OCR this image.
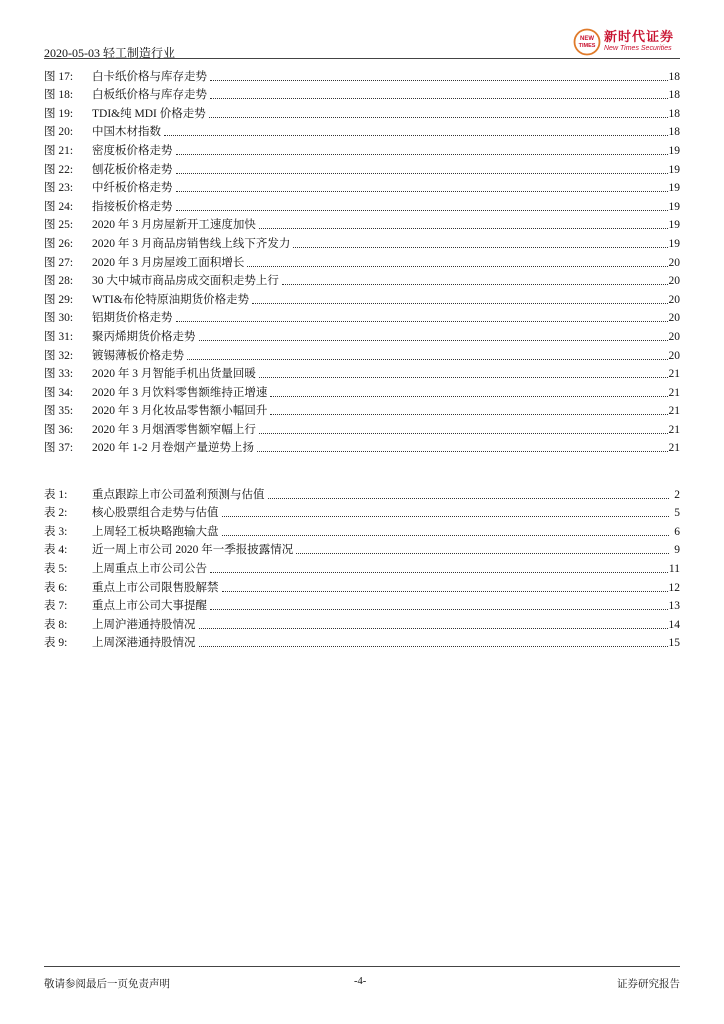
2020-05-03 轻工制造行业
NEW
TIMES
新时代证券
New Times Securities
图 17:	白卡纸价格与库存走势	18
图 18:	白板纸价格与库存走势	18
图 19:	TDI&纯 MDI 价格走势	18
图 20:	中国木材指数	18
图 21:	密度板价格走势	19
图 22:	刨花板价格走势	19
图 23:	中纤板价格走势	19
图 24:	指接板价格走势	19
图 25:	2020 年 3 月房屋新开工速度加快	19
图 26:	2020 年 3 月商品房销售线上线下齐发力	19
图 27:	2020 年 3 月房屋竣工面积增长	20
图 28:	30 大中城市商品房成交面积走势上行	20
图 29:	WTI&布伦特原油期货价格走势	20
图 30:	铝期货价格走势	20
图 31:	聚丙烯期货价格走势	20
图 32:	镀锡薄板价格走势	20
图 33:	2020 年 3 月智能手机出货量回暖	21
图 34:	2020 年 3 月饮料零售额维持正增速	21
图 35:	2020 年 3 月化妆品零售额小幅回升	21
图 36:	2020 年 3 月烟酒零售额窄幅上行	21
图 37:	2020 年 1-2 月卷烟产量逆势上扬	21
表 1:	重点跟踪上市公司盈利预测与估值	2
表 2:	核心股票组合走势与估值	5
表 3:	上周轻工板块略跑输大盘	6
表 4:	近一周上市公司 2020 年一季报披露情况	9
表 5:	上周重点上市公司公告	11
表 6:	重点上市公司限售股解禁	12
表 7:	重点上市公司大事提醒	13
表 8:	上周沪港通持股情况	14
表 9:	上周深港通持股情况	15
敬请参阅最后一页免责声明	-4-	证券研究报告
